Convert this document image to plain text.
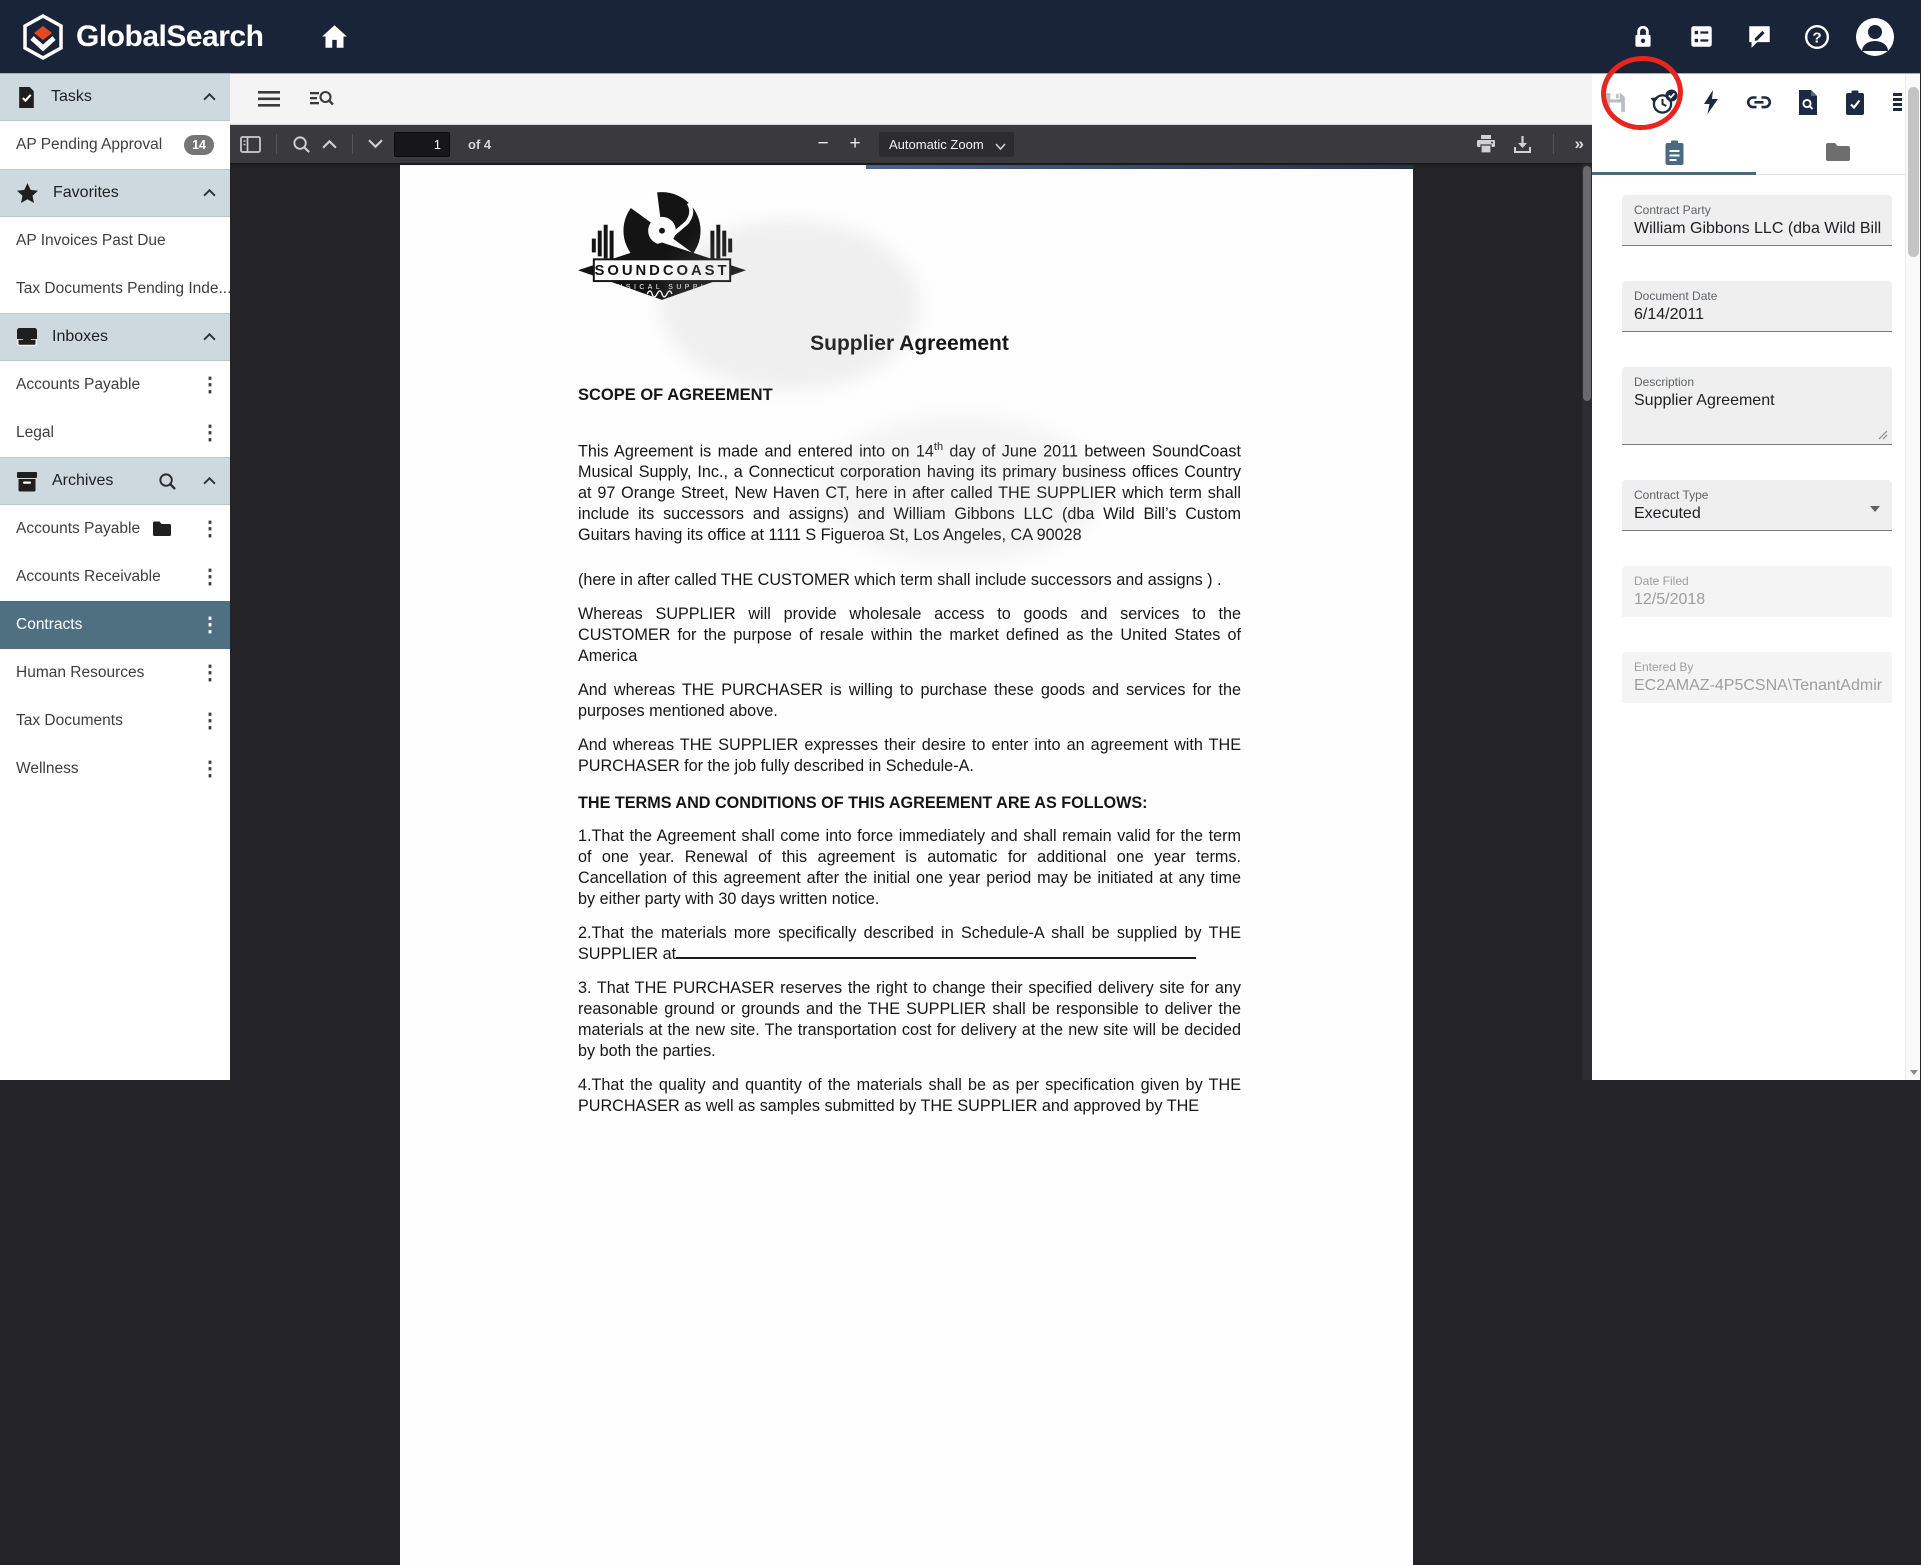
GlobalSearch	?
Tasks
AP Pending Approval	14
Favorites
AP Invoices Past Due
Tax Documents Pending Inde...
Inboxes
Accounts Payable	⋮
Legal	⋮
Archives
Accounts Payable	⋮
Accounts Receivable ⋮
Contracts	⋮
Human Resources	⋮
Tax Documents	⋮
Wellness	⋮
1
of 4	− + Automatic Zoom	»
SOUNDCOAST
MUSICAL SUPPLY
Supplier Agreement
SCOPE OF AGREEMENT

This Agreement is made and entered into on 14th day of June 2011 between SoundCoast Musical Supply, Inc., a Connecticut corporation having its primary business offices Country at 97 Orange Street, New Haven CT, here in after called THE SUPPLIER which term shall include its successors and assigns) and William Gibbons LLC (dba Wild Bill’s Custom Guitars having its office at 1111 S Figueroa St, Los Angeles, CA 90028

(here in after called THE CUSTOMER which term shall include successors and assigns ) .

Whereas SUPPLIER will provide wholesale access to goods and services to the CUSTOMER for the purpose of resale within the market defined as the United States of America

And whereas THE PURCHASER is willing to purchase these goods and services for the purposes mentioned above.

And whereas THE SUPPLIER expresses their desire to enter into an agreement with THE PURCHASER for the job fully described in Schedule-A.

THE TERMS AND CONDITIONS OF THIS AGREEMENT ARE AS FOLLOWS:

1.That the Agreement shall come into force immediately and shall remain valid for the term of one year. Renewal of this agreement is automatic for additional one year terms. Cancellation of this agreement after the initial one year period may be initiated at any time by either party with 30 days written notice.

2.That the materials more specifically described in Schedule-A shall be supplied by THE SUPPLIER at

3. That THE PURCHASER reserves the right to change their specified delivery site for any reasonable ground or grounds and the THE SUPPLIER shall be responsible to deliver the materials at the new site. The transportation cost for delivery at the new site will be decided by both the parties.

4.That the quality and quantity of the materials shall be as per specification given by THE PURCHASER as well as samples submitted by THE SUPPLIER and approved by THE

Contract Party
William Gibbons LLC (dba Wild Bill
Document Date
6/14/2011
Description
Supplier Agreement
Contract Type
Executed
Date Filed
12/5/2018
Entered By
EC2AMAZ-4P5CSNA\TenantAdmir
